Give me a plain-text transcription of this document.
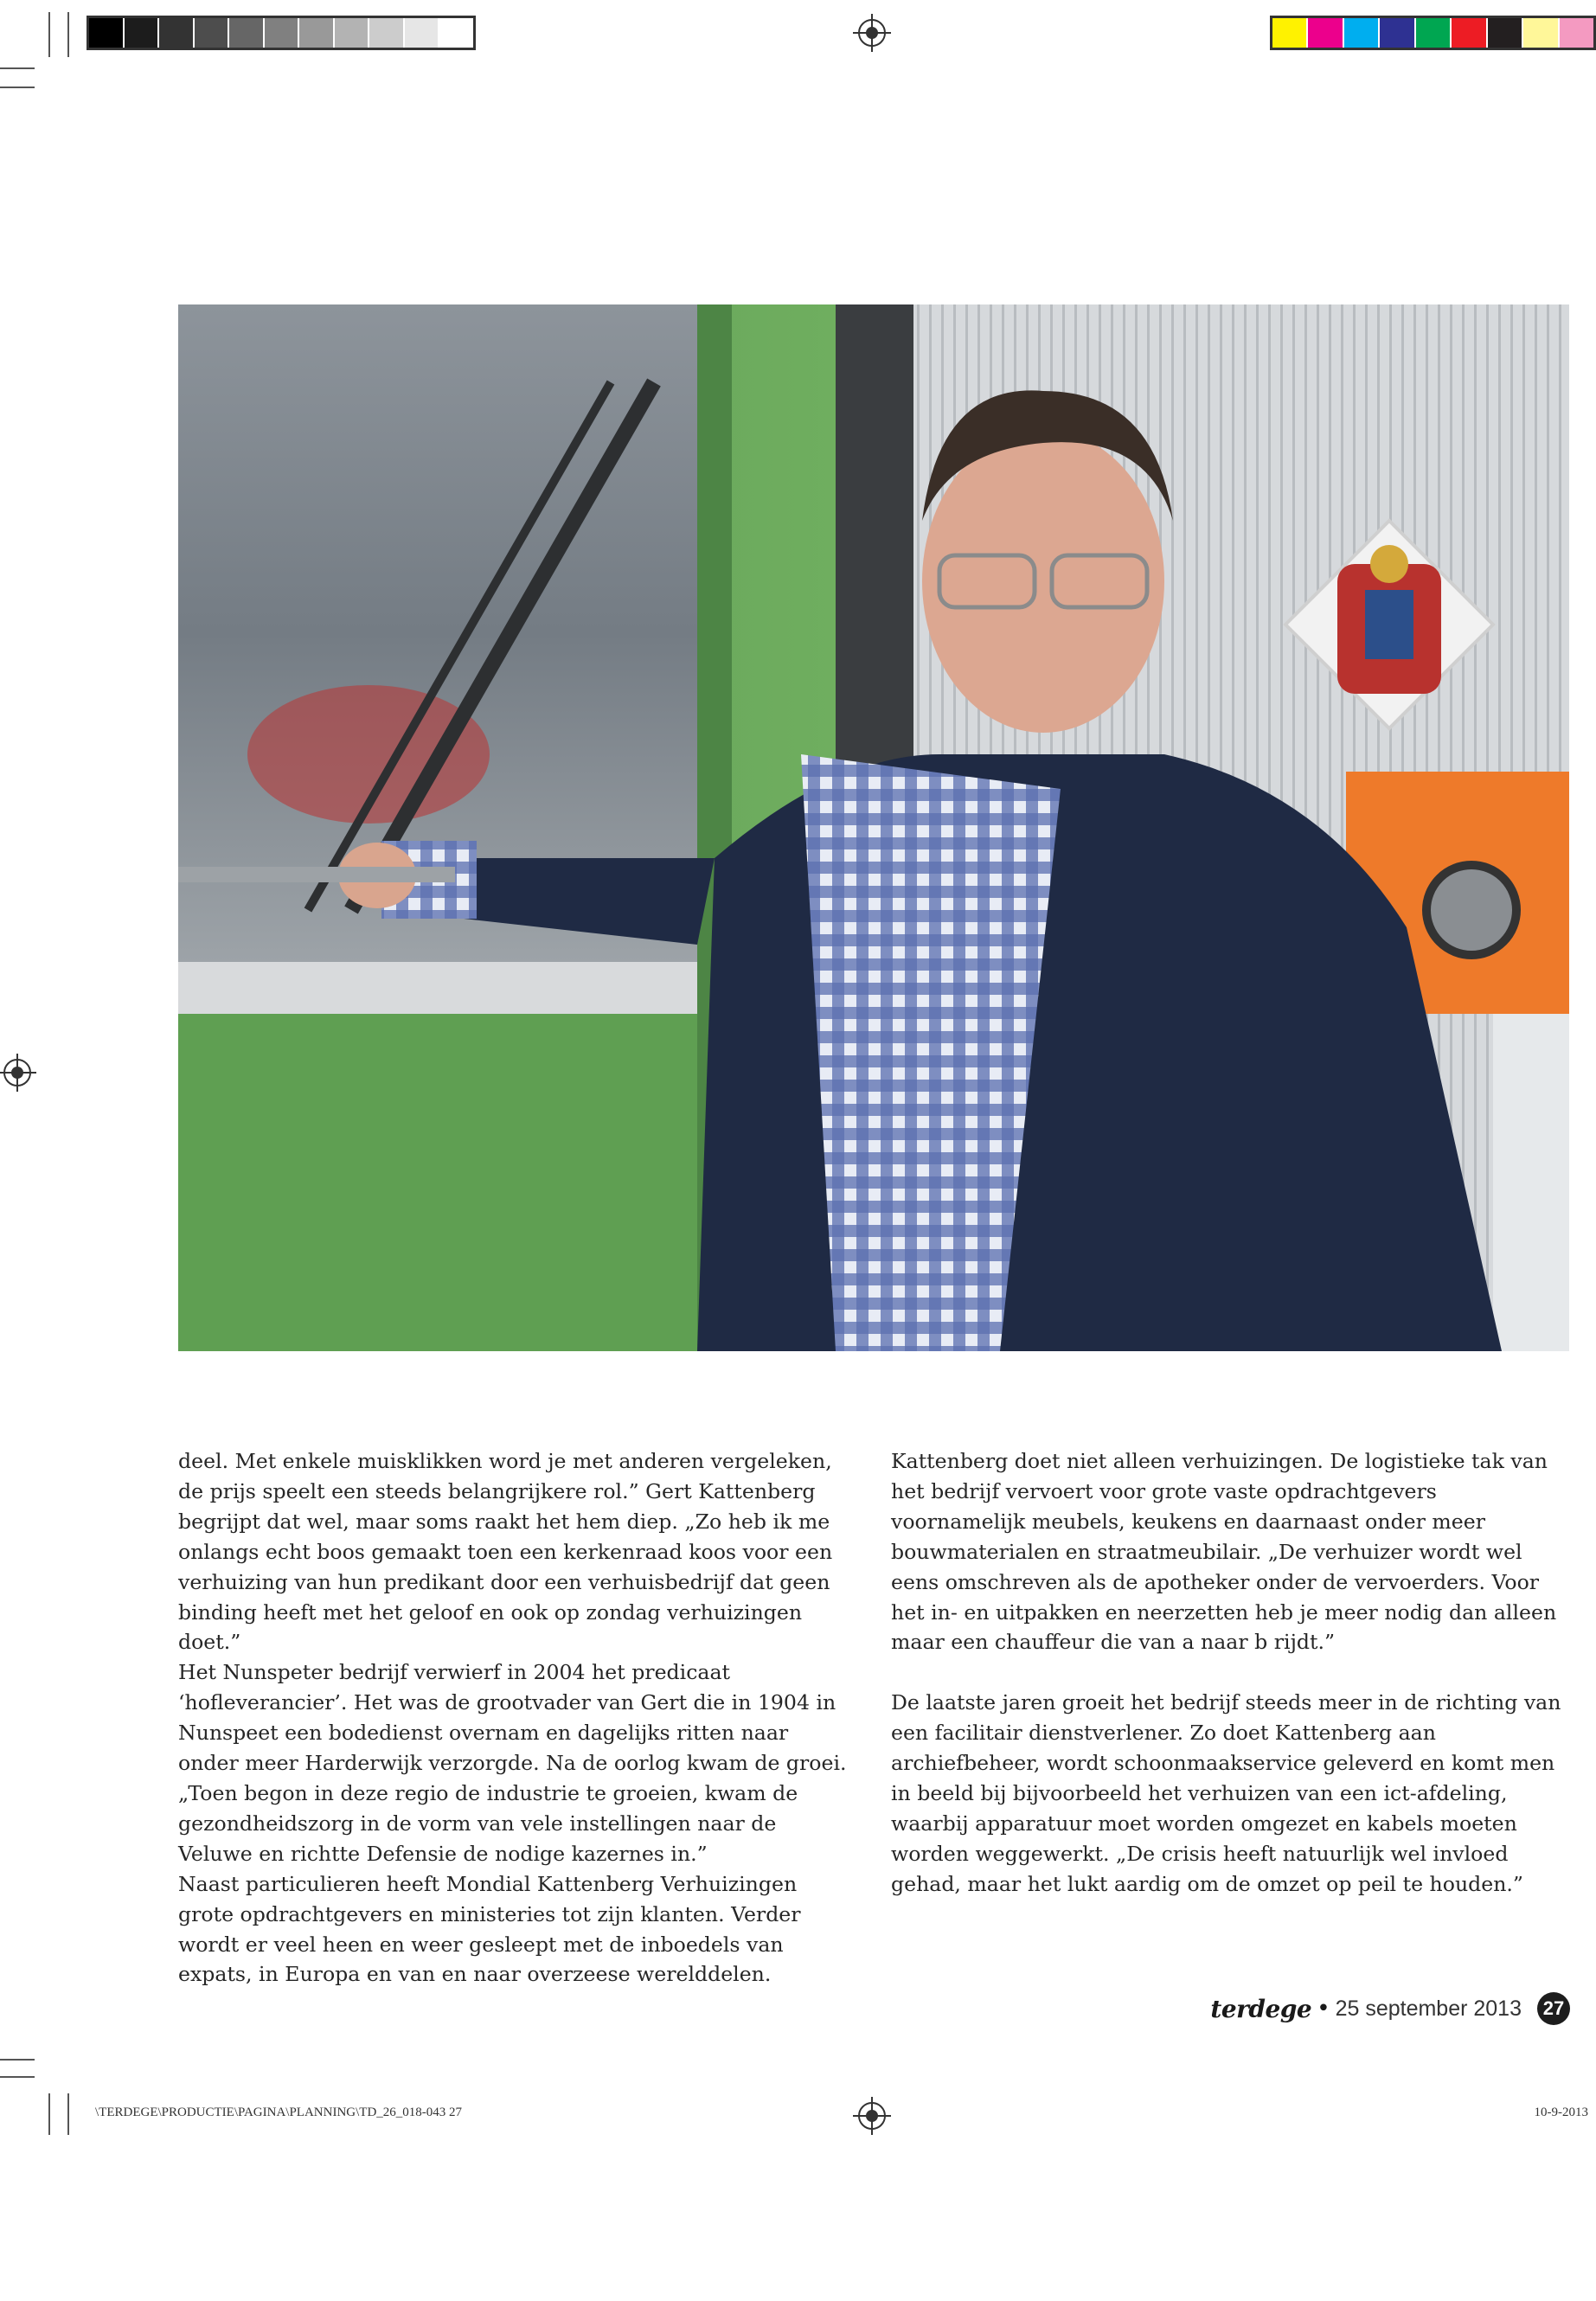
deel. Met enkele muisklikken word je met anderen vergeleken, de prijs speelt een steeds belangrijkere rol.” Gert Kattenberg begrijpt dat wel, maar soms raakt het hem diep. „Zo heb ik me onlangs echt boos gemaakt toen een kerkenraad koos voor een verhuizing van hun predikant door een verhuisbedrijf dat geen binding heeft met het geloof en ook op zondag verhuizingen doet.”

Het Nunspeter bedrijf verwierf in 2004 het predicaat ‘hofleverancier’. Het was de grootvader van Gert die in 1904 in Nunspeet een bodedienst overnam en dagelijks ritten naar onder meer Harderwijk verzorgde. Na de oorlog kwam de groei. „Toen begon in deze regio de industrie te groeien, kwam de gezondheidszorg in de vorm van vele instellingen naar de Veluwe en richtte Defensie de nodige kazernes in.”

Naast particulieren heeft Mondial Kattenberg Verhuizingen grote opdrachtgevers en ministeries tot zijn klanten. Verder wordt er veel heen en weer gesleept met de inboedels van expats, in Europa en van en naar overzeese werelddelen.

Kattenberg doet niet alleen verhuizingen. De logistieke tak van het bedrijf vervoert voor grote vaste opdrachtgevers voornamelijk meubels, keukens en daarnaast onder meer bouwmaterialen en straatmeubilair. „De verhuizer wordt wel eens omschreven als de apotheker onder de vervoerders. Voor het in- en uitpakken en neerzetten heb je meer nodig dan alleen maar een chauffeur die van a naar b rijdt.”

De laatste jaren groeit het bedrijf steeds meer in de richting van een facilitair dienstverlener. Zo doet Kattenberg aan archiefbeheer, wordt schoonmaakservice geleverd en komt men in beeld bij bijvoorbeeld het verhuizen van een ict-afdeling, waarbij apparatuur moet worden omgezet en kabels moeten worden weggewerkt. „De crisis heeft natuurlijk wel invloed gehad, maar het lukt aardig om de omzet op peil te houden.”

terdege • 25 september 2013	27
\TERDEGE\PRODUCTIE\PAGINA\PLANNING\TD_26_018-043 27	10-9-2013
